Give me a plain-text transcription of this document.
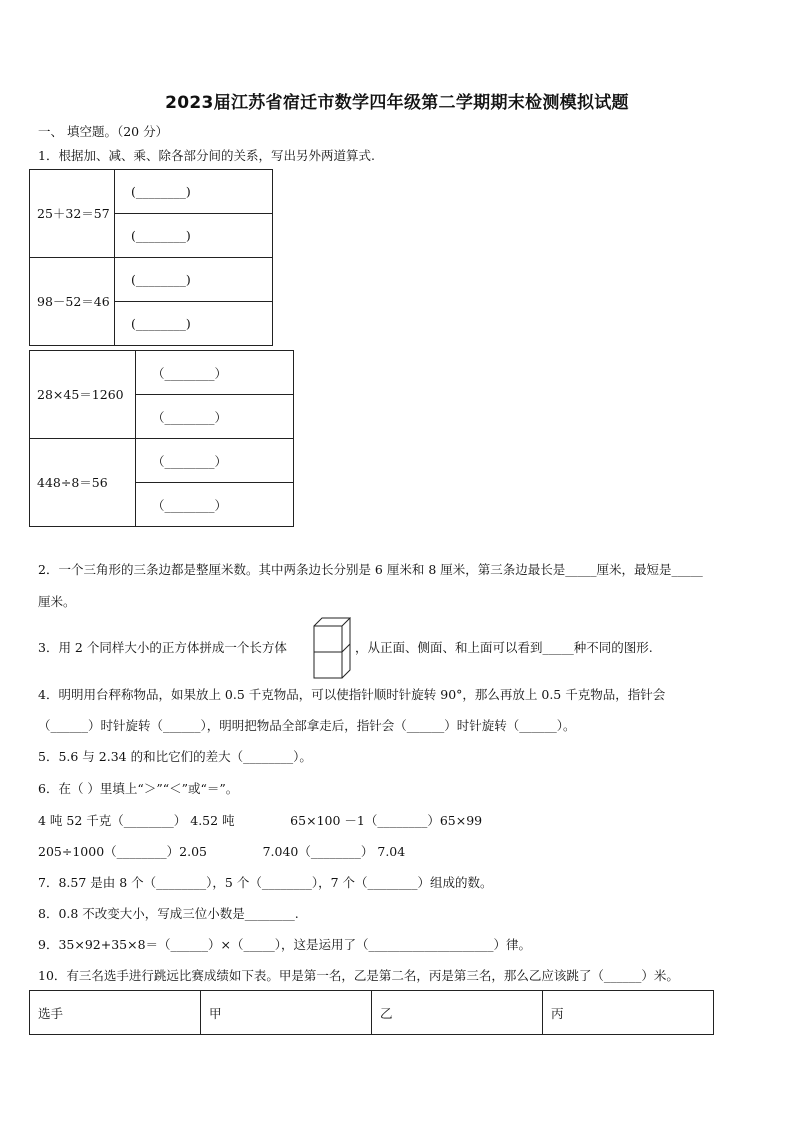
2023届江苏省宿迁市数学四年级第二学期期末检测模拟试题
一、 填空题。（20 分）
1．根据加、减、乘、除各部分间的关系，写出另外两道算式.
25＋32＝57	(________)
	(________)
98－52＝46	(________)
	(________)
28×45＝1260	（________）
	（________）
448÷8＝56	（________）
	（________）
2．一个三角形的三条边都是整厘米数。其中两条边长分别是 6 厘米和 8 厘米，第三条边最长是_____厘米，最短是_____
厘米。
3．用 2 个同样大小的正方体拼成一个长方体	，从正面、侧面、和上面可以看到_____种不同的图形.
4．明明用台秤称物品，如果放上 0.5 千克物品，可以使指针顺时针旋转 90°，那么再放上 0.5 千克物品，指针会
（______）时针旋转（______），明明把物品全部拿走后，指针会（______）时针旋转（______）。
5．5.6 与 2.34 的和比它们的差大（________）。
6．在（ ）里填上“＞”“＜”或“＝”。
4 吨 52 千克（________） 4.52 吨              65×100 －1（________）65×99
205÷1000（________）2.05              7.040（________） 7.04
7．8.57 是由 8 个（________），5 个（________），7 个（________）组成的数。
8．0.8 不改变大小，写成三位小数是________.
9．35×92+35×8＝（______）×（_____），这是运用了（____________________）律。
10．有三名选手进行跳远比赛成绩如下表。甲是第一名，乙是第二名，丙是第三名，那么乙应该跳了（______）米。
选手	甲	乙	丙
